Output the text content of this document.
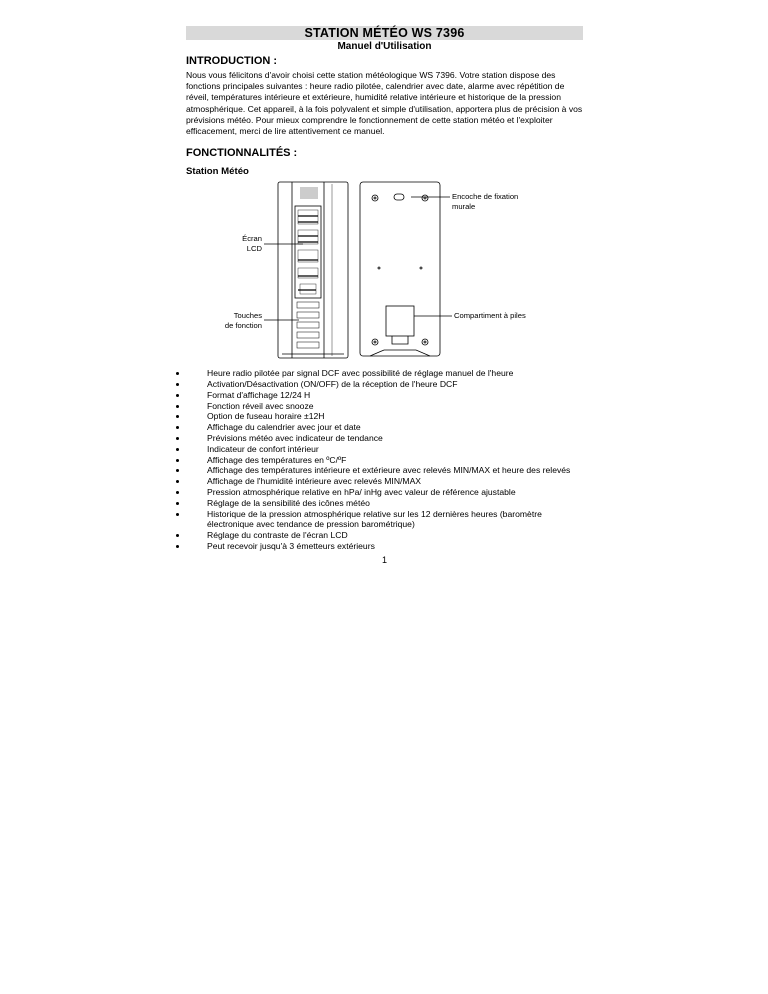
STATION MÉTÉO WS 7396
Manuel d'Utilisation
INTRODUCTION :

Nous vous félicitons d'avoir choisi cette station météologique WS 7396. Votre station dispose des fonctions principales suivantes : heure radio pilotée, calendrier avec date, alarme avec répétition de réveil, températures intérieure et extérieure, humidité relative intérieure et historique de la pression atmosphérique. Cet appareil, à la fois polyvalent et simple d'utilisation, apportera plus de précision à vos prévisions météo. Pour mieux comprendre le fonctionnement de cette station météo et l'exploiter efficacement, merci de lire attentivement ce manuel.

FONCTIONNALITÉS :
Station Météo
Écran
LCD
Touches
de fonction
Encoche de fixation
murale
Compartiment à piles
Heure radio pilotée par signal DCF avec possibilité de réglage manuel de l'heure
Activation/Désactivation (ON/OFF) de la réception de l'heure DCF
Format d'affichage 12/24 H
Fonction réveil avec snooze
Option de fuseau horaire ±12H
Affichage du calendrier avec jour et date
Prévisions météo avec indicateur de tendance
Indicateur de confort intérieur
Affichage des températures en ºC/ºF
Affichage des températures intérieure et extérieure avec relevés MIN/MAX et heure des relevés
Affichage de l'humidité intérieure avec relevés MIN/MAX
Pression atmosphérique relative en hPa/ inHg avec valeur de référence ajustable
Réglage de la sensibilité des icônes météo
Historique de la pression atmosphérique relative sur les 12 dernières heures (baromètre électronique avec tendance de pression barométrique)
Réglage du contraste de l'écran LCD
Peut recevoir jusqu'à 3 émetteurs extérieurs
1
